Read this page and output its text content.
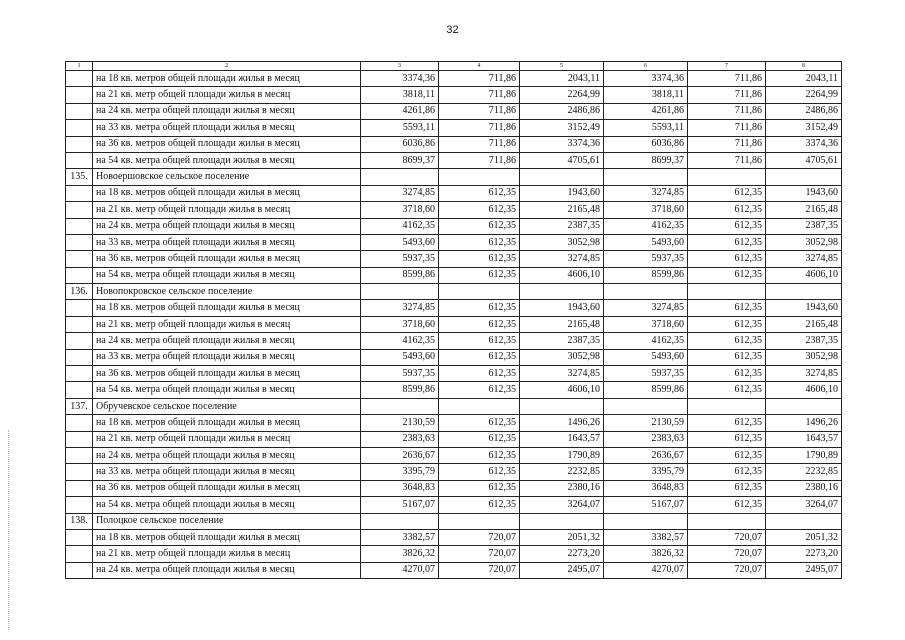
32
1	2	3	4	5	6	7	8
	на 18 кв. метров общей площади жилья в месяц	3374,36	711,86	2043,11	3374,36	711,86	2043,11
	на 21 кв. метр общей площади жилья в месяц	3818,11	711,86	2264,99	3818,11	711,86	2264,99
	на 24 кв. метра общей площади жилья в месяц	4261,86	711,86	2486,86	4261,86	711,86	2486,86
	на 33 кв. метра общей площади жилья в месяц	5593,11	711,86	3152,49	5593,11	711,86	3152,49
	на 36 кв. метров общей площади жилья в месяц	6036,86	711,86	3374,36	6036,86	711,86	3374,36
	на 54 кв. метра общей площади жилья в месяц	8699,37	711,86	4705,61	8699,37	711,86	4705,61
135.	Новоершовское сельское поселение						
	на 18 кв. метров общей площади жилья в месяц	3274,85	612,35	1943,60	3274,85	612,35	1943,60
	на 21 кв. метр общей площади жилья в месяц	3718,60	612,35	2165,48	3718,60	612,35	2165,48
	на 24 кв. метра общей площади жилья в месяц	4162,35	612,35	2387,35	4162,35	612,35	2387,35
	на 33 кв. метра общей площади жилья в месяц	5493,60	612,35	3052,98	5493,60	612,35	3052,98
	на 36 кв. метров общей площади жилья в месяц	5937,35	612,35	3274,85	5937,35	612,35	3274,85
	на 54 кв. метра общей площади жилья в месяц	8599,86	612,35	4606,10	8599,86	612,35	4606,10
136.	Новопокровское сельское поселение						
	на 18 кв. метров общей площади жилья в месяц	3274,85	612,35	1943,60	3274,85	612,35	1943,60
	на 21 кв. метр общей площади жилья в месяц	3718,60	612,35	2165,48	3718,60	612,35	2165,48
	на 24 кв. метра общей площади жилья в месяц	4162,35	612,35	2387,35	4162,35	612,35	2387,35
	на 33 кв. метра общей площади жилья в месяц	5493,60	612,35	3052,98	5493,60	612,35	3052,98
	на 36 кв. метров общей площади жилья в месяц	5937,35	612,35	3274,85	5937,35	612,35	3274,85
	на 54 кв. метра общей площади жилья в месяц	8599,86	612,35	4606,10	8599,86	612,35	4606,10
137.	Обручевское сельское поселение						
	на 18 кв. метров общей площади жилья в месяц	2130,59	612,35	1496,26	2130,59	612,35	1496,26
	на 21 кв. метр общей площади жилья в месяц	2383,63	612,35	1643,57	2383,63	612,35	1643,57
	на 24 кв. метра общей площади жилья в месяц	2636,67	612,35	1790,89	2636,67	612,35	1790,89
	на 33 кв. метра общей площади жилья в месяц	3395,79	612,35	2232,85	3395,79	612,35	2232,85
	на 36 кв. метров общей площади жилья в месяц	3648,83	612,35	2380,16	3648,83	612,35	2380,16
	на 54 кв. метра общей площади жилья в месяц	5167,07	612,35	3264,07	5167,07	612,35	3264,07
138.	Полоцкое сельское поселение						
	на 18 кв. метров общей площади жилья в месяц	3382,57	720,07	2051,32	3382,57	720,07	2051,32
	на 21 кв. метр общей площади жилья в месяц	3826,32	720,07	2273,20	3826,32	720,07	2273,20
	на 24 кв. метра общей площади жилья в месяц	4270,07	720,07	2495,07	4270,07	720,07	2495,07
